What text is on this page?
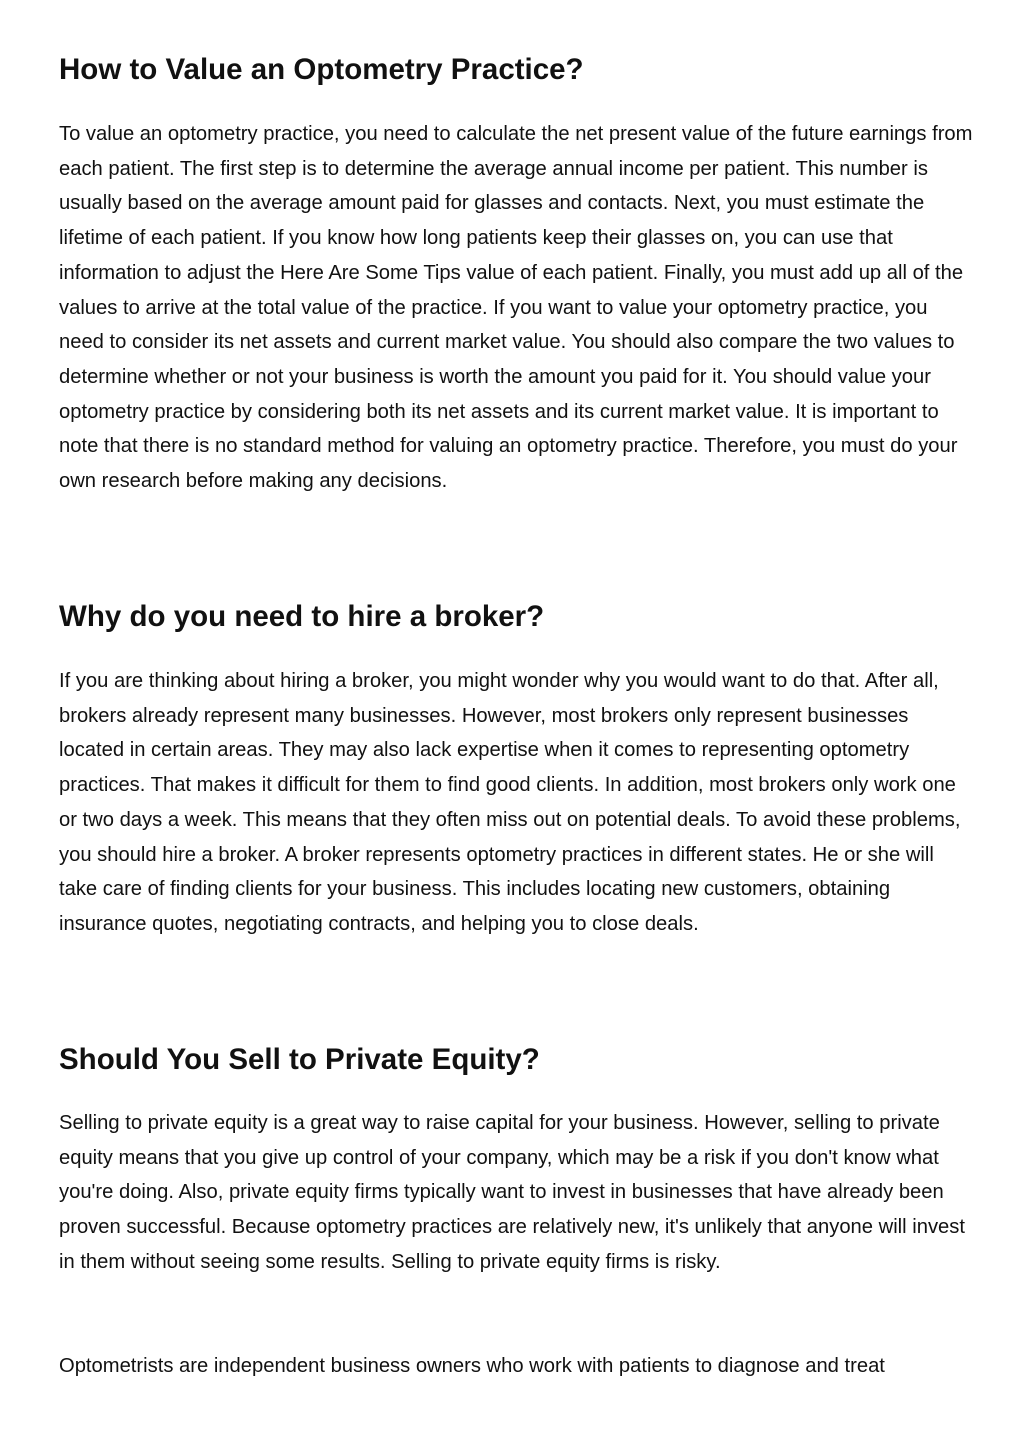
How to Value an Optometry Practice?

To value an optometry practice, you need to calculate the net present value of the future earnings from each patient. The first step is to determine the average annual income per patient. This number is usually based on the average amount paid for glasses and contacts. Next, you must estimate the lifetime of each patient. If you know how long patients keep their glasses on, you can use that information to adjust the Here Are Some Tips value of each patient. Finally, you must add up all of the values to arrive at the total value of the practice. If you want to value your optometry practice, you need to consider its net assets and current market value. You should also compare the two values to determine whether or not your business is worth the amount you paid for it. You should value your optometry practice by considering both its net assets and its current market value. It is important to note that there is no standard method for valuing an optometry practice. Therefore, you must do your own research before making any decisions.

Why do you need to hire a broker?

If you are thinking about hiring a broker, you might wonder why you would want to do that. After all, brokers already represent many businesses. However, most brokers only represent businesses located in certain areas. They may also lack expertise when it comes to representing optometry practices. That makes it difficult for them to find good clients. In addition, most brokers only work one or two days a week. This means that they often miss out on potential deals. To avoid these problems, you should hire a broker. A broker represents optometry practices in different states. He or she will take care of finding clients for your business. This includes locating new customers, obtaining insurance quotes, negotiating contracts, and helping you to close deals.

Should You Sell to Private Equity?

Selling to private equity is a great way to raise capital for your business. However, selling to private equity means that you give up control of your company, which may be a risk if you don't know what you're doing. Also, private equity firms typically want to invest in businesses that have already been proven successful. Because optometry practices are relatively new, it's unlikely that anyone will invest in them without seeing some results. Selling to private equity firms is risky.

Optometrists are independent business owners who work with patients to diagnose and treat
